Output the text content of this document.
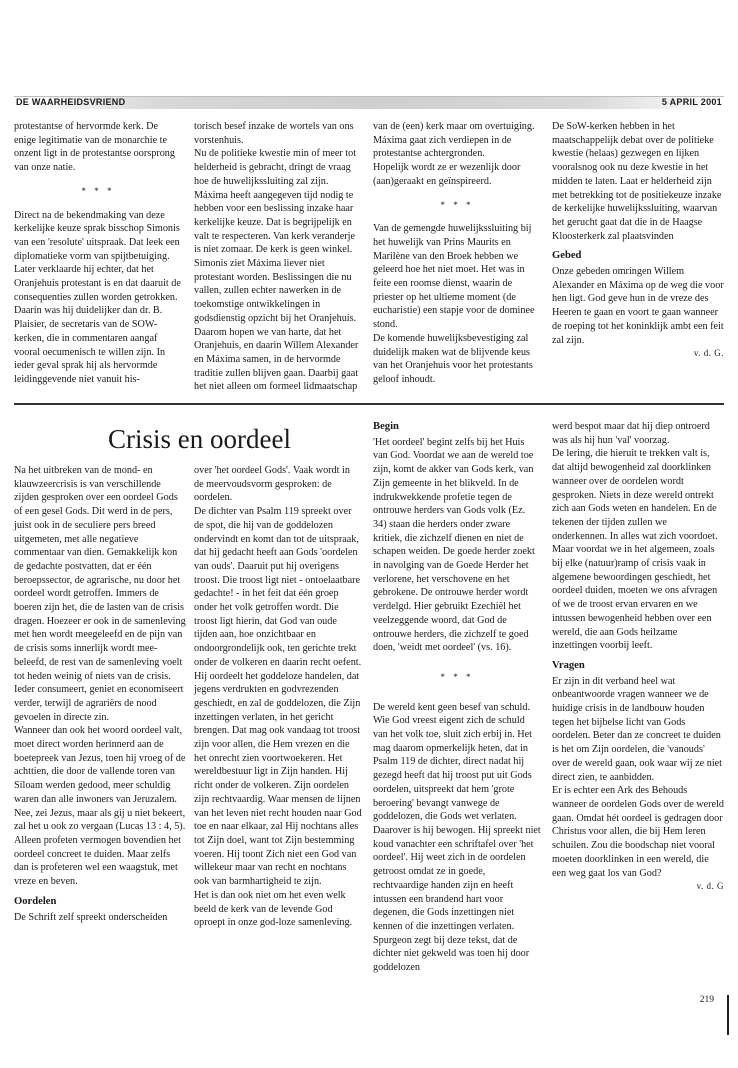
DE WAARHEIDSVRIEND	5 APRIL 2001

protestantse of hervormde kerk. De enige legitimatie van de monarchie te onzent ligt in de protestantse oorsprong van onze natie.

* * *

Direct na de bekendmaking van deze kerkelijke keuze sprak bisschop Simonis van een 'resolute' uitspraak. Dat leek een diplomatieke vorm van spijtbetuiging. Later verklaarde hij echter, dat het Oranjehuis protestant is en dat daaruit de consequenties zullen worden getrokken. Daarin was hij duidelijker dan dr. B. Plaisier, de secretaris van de SOW-kerken, die in commentaren aangaf vooral oecumenisch te willen zijn. In ieder geval sprak hij als hervormde leidinggevende niet vanuit his-

torisch besef inzake de wortels van ons vorstenhuis.

Nu de politieke kwestie min of meer tot helderheid is gebracht, dringt de vraag hoe de huwelijkssluiting zal zijn. Máxima heeft aangegeven tijd nodig te hebben voor een beslissing inzake haar kerkelijke keuze. Dat is begrijpelijk en valt te respecteren. Van kerk veranderje is niet zomaar. De kerk is geen winkel. Simonis ziet Máxima liever niet protestant worden. Beslissingen die nu vallen, zullen echter nawerken in de toekomstige ontwikkelingen in godsdienstig opzicht bij het Oranjehuis. Daarom hopen we van harte, dat het Oranjehuis, en daarin Willem Alexander en Máxima samen, in de hervormde traditie zullen blijven gaan. Daarbij gaat het niet alleen om formeel lidmaatschap

van de (een) kerk maar om overtuiging. Máxima gaat zich verdiepen in de protestantse achtergronden.

Hopelijk wordt ze er wezenlijk door (aan)geraakt en geïnspireerd.

* * *

Van de gemengde huwelijkssluiting bij het huwelijk van Prins Maurits en Marilène van den Broek hebben we geleerd hoe het niet moet. Het was in feite een roomse dienst, waarin de priester op het ultieme moment (de eucharistie) een stapje voor de dominee stond.

De komende huwelijksbevestiging zal duidelijk maken wat de blijvende keus van het Oranjehuis voor het protestants geloof inhoudt.

De SoW-kerken hebben in het maatschappelijk debat over de politieke kwestie (helaas) gezwegen en lijken vooralsnog ook nu deze kwestie in het midden te laten. Laat er helderheid zijn met betrekking tot de positiekeuze inzake de kerkelijke huwelijkssluiting, waarvan het gerucht gaat dat die in de Haagse Kloosterkerk zal plaatsvinden

Gebed

Onze gebeden omringen Willem Alexander en Máxima op de weg die voor hen ligt. God geve hun in de vreze des Heeren te gaan en voort te gaan wanneer de roeping tot het koninklijk ambt een feit zal zijn.

v. d. G.
Crisis en oordeel

Na het uitbreken van de mond- en klauwzeercrisis is van verschillende zijden gesproken over een oordeel Gods of een gesel Gods. Dit werd in de pers, juist ook in de seculiere pers breed uitgemeten, met alle negatieve commentaar van dien. Gemakkelijk kon de gedachte postvatten, dat er één beroepssector, de agrarische, nu door het oordeel wordt getroffen. Immers de boeren zijn het, die de lasten van de crisis dragen. Hoezeer er ook in de samenleving met hen wordt meegeleefd en de pijn van de crisis soms innerlijk wordt mee-beleefd, de rest van de samenleving voelt tot heden weinig of niets van de crisis. Ieder consumeert, geniet en economiseert verder, terwijl de agrariërs de nood gevoelen in directe zin.

Wanneer dan ook het woord oordeel valt, moet direct worden herinnerd aan de boetepreek van Jezus, toen hij vroeg of de achttien, die door de vallende toren van Siloam werden gedood, meer schuldig waren dan alle inwoners van Jeruzalem. Nee, zei Jezus, maar als gij u niet bekeert, zal het u ook zo vergaan (Lucas 13 : 4, 5). Alleen profeten vermogen bovendien het oordeel concreet te duiden. Maar zelfs dan is profeteren wel een waagstuk, met vreze en beven.

Oordelen

De Schrift zelf spreekt onderscheiden

over 'het oordeel Gods'. Vaak wordt in de meervoudsvorm gesproken: de oordelen.

De dichter van Psalm 119 spreekt over de spot, die hij van de goddelozen ondervindt en komt dan tot de uitspraak, dat hij gedacht heeft aan Gods 'oordelen van ouds'. Daaruit put hij overigens troost. Die troost ligt niet - ontoelaatbare gedachte! - in het feit dat één groep onder het volk getroffen wordt. Die troost ligt hierin, dat God van oude tijden aan, hoe onzichtbaar en ondoorgrondelijk ook, ten gerichte trekt onder de volkeren en daarin recht oefent. Hij oordeelt het goddeloze handelen, dat jegens verdrukten en godvrezenden geschiedt, en zal de goddelozen, die Zijn inzettingen verlaten, in het gericht brengen. Dat mag ook vandaag tot troost zijn voor allen, die Hem vrezen en die het onrecht zien voortwoekeren. Het wereldbestuur ligt in Zijn handen. Hij richt onder de volkeren. Zijn oordelen zijn rechtvaardig. Waar mensen de lijnen van het leven niet recht houden naar God toe en naar elkaar, zal Hij nochtans alles tot Zijn doel, want tot Zijn bestemming voeren. Hij toont Zich niet een God van willekeur maar van recht en nochtans ook van barmhartigheid te zijn.

Het is dan ook niet om het even welk beeld de kerk van de levende God oproept in onze god-loze samenleving.

Begin

'Het oordeel' begint zelfs bij het Huis van God. Voordat we aan de wereld toe zijn, komt de akker van Gods kerk, van Zijn gemeente in het blikveld. In de indrukwekkende profetie tegen de ontrouwe herders van Gods volk (Ez. 34) staan die herders onder zware kritiek, die zichzelf dienen en niet de schapen weiden. De goede herder zoekt in navolging van de Goede Herder het verlorene, het verschovene en het gebrokene. De ontrouwe herder wordt verdelgd. Hier gebruikt Ezechiël het veelzeggende woord, dat God de ontrouwe herders, die zichzelf te goed doen, 'weidt met oordeel' (vs. 16).

* * *

De wereld kent geen besef van schuld. Wie God vreest eigent zich de schuld van het volk toe, sluit zich erbij in. Het mag daarom opmerkelijk heten, dat in Psalm 119 de dichter, direct nadat hij gezegd heeft dat hij troost put uit Gods oordelen, uitspreekt dat hem 'grote beroering' bevangt vanwege de goddelozen, die Gods wet verlaten. Daarover is hij bewogen. Hij spreekt niet koud vanachter een schriftafel over 'het oordeel'. Hij weet zich in de oordelen getroost omdat ze in goede, rechtvaardige handen zijn en heeft intussen een brandend hart voor degenen, die Gods inzettingen niet kennen of die inzettingen verlaten. Spurgeon zegt bij deze tekst, dat de dichter niet gekweld was toen hij door goddelozen

werd bespot maar dat hij diep ontroerd was als hij hun 'val' voorzag.

De lering, die hieruit te trekken valt is, dat altijd bewogenheid zal doorklinken wanneer over de oordelen wordt gesproken. Niets in deze wereld ontrekt zich aan Gods weten en handelen. En de tekenen der tijden zullen we onderkennen. In alles wat zich voordoet. Maar voordat we in het algemeen, zoals bij elke (natuur)ramp of crisis vaak in algemene bewoordingen geschiedt, het oordeel duiden, moeten we ons afvragen of we de troost ervan ervaren en we intussen bewogenheid hebben over een wereld, die aan Gods heilzame inzettingen voorbij leeft.

Vragen

Er zijn in dit verband heel wat onbeantwoorde vragen wanneer we de huidige crisis in de landbouw houden tegen het bijbelse licht van Gods oordelen. Beter dan ze concreet te duiden is het om Zijn oordelen, die 'vanouds' over de wereld gaan, ook waar wij ze niet direct zien, te aanbidden.

Er is echter een Ark des Behouds wanneer de oordelen Gods over de wereld gaan. Omdat hét oordeel is gedragen door Christus voor allen, die bij Hem leren schuilen. Zou die boodschap niet vooral moeten doorklinken in een wereld, die een weg gaat los van God?

v. d. G
219
